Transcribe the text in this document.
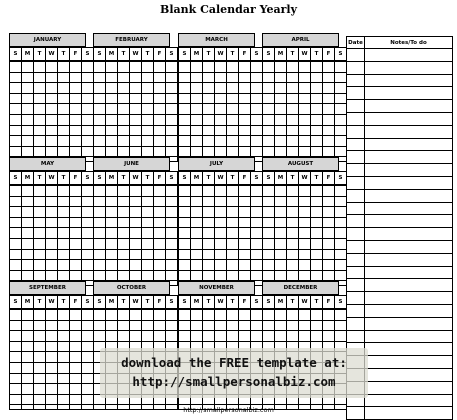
Blank Calendar Yearly
JANUARY
S	M	T	W	T	F	S

FEBRUARY
S	M	T	W	T	F	S

MARCH
S	M	T	W	T	F	S

APRIL
S	M	T	W	T	F	S

MAY
S	M	T	W	T	F	S

JUNE
S	M	T	W	T	F	S

JULY
S	M	T	W	T	F	S

AUGUST
S	M	T	W	T	F	S

SEPTEMBER
S	M	T	W	T	F	S

OCTOBER
S	M	T	W	T	F	S

NOVEMBER
S	M	T	W	T	F	S

DECEMBER
S	M	T	W	T	F	S

Date	Notes/To do

download the FREE template at:
http://smallpersonalbiz.com
http://smallpersonalbiz.com
